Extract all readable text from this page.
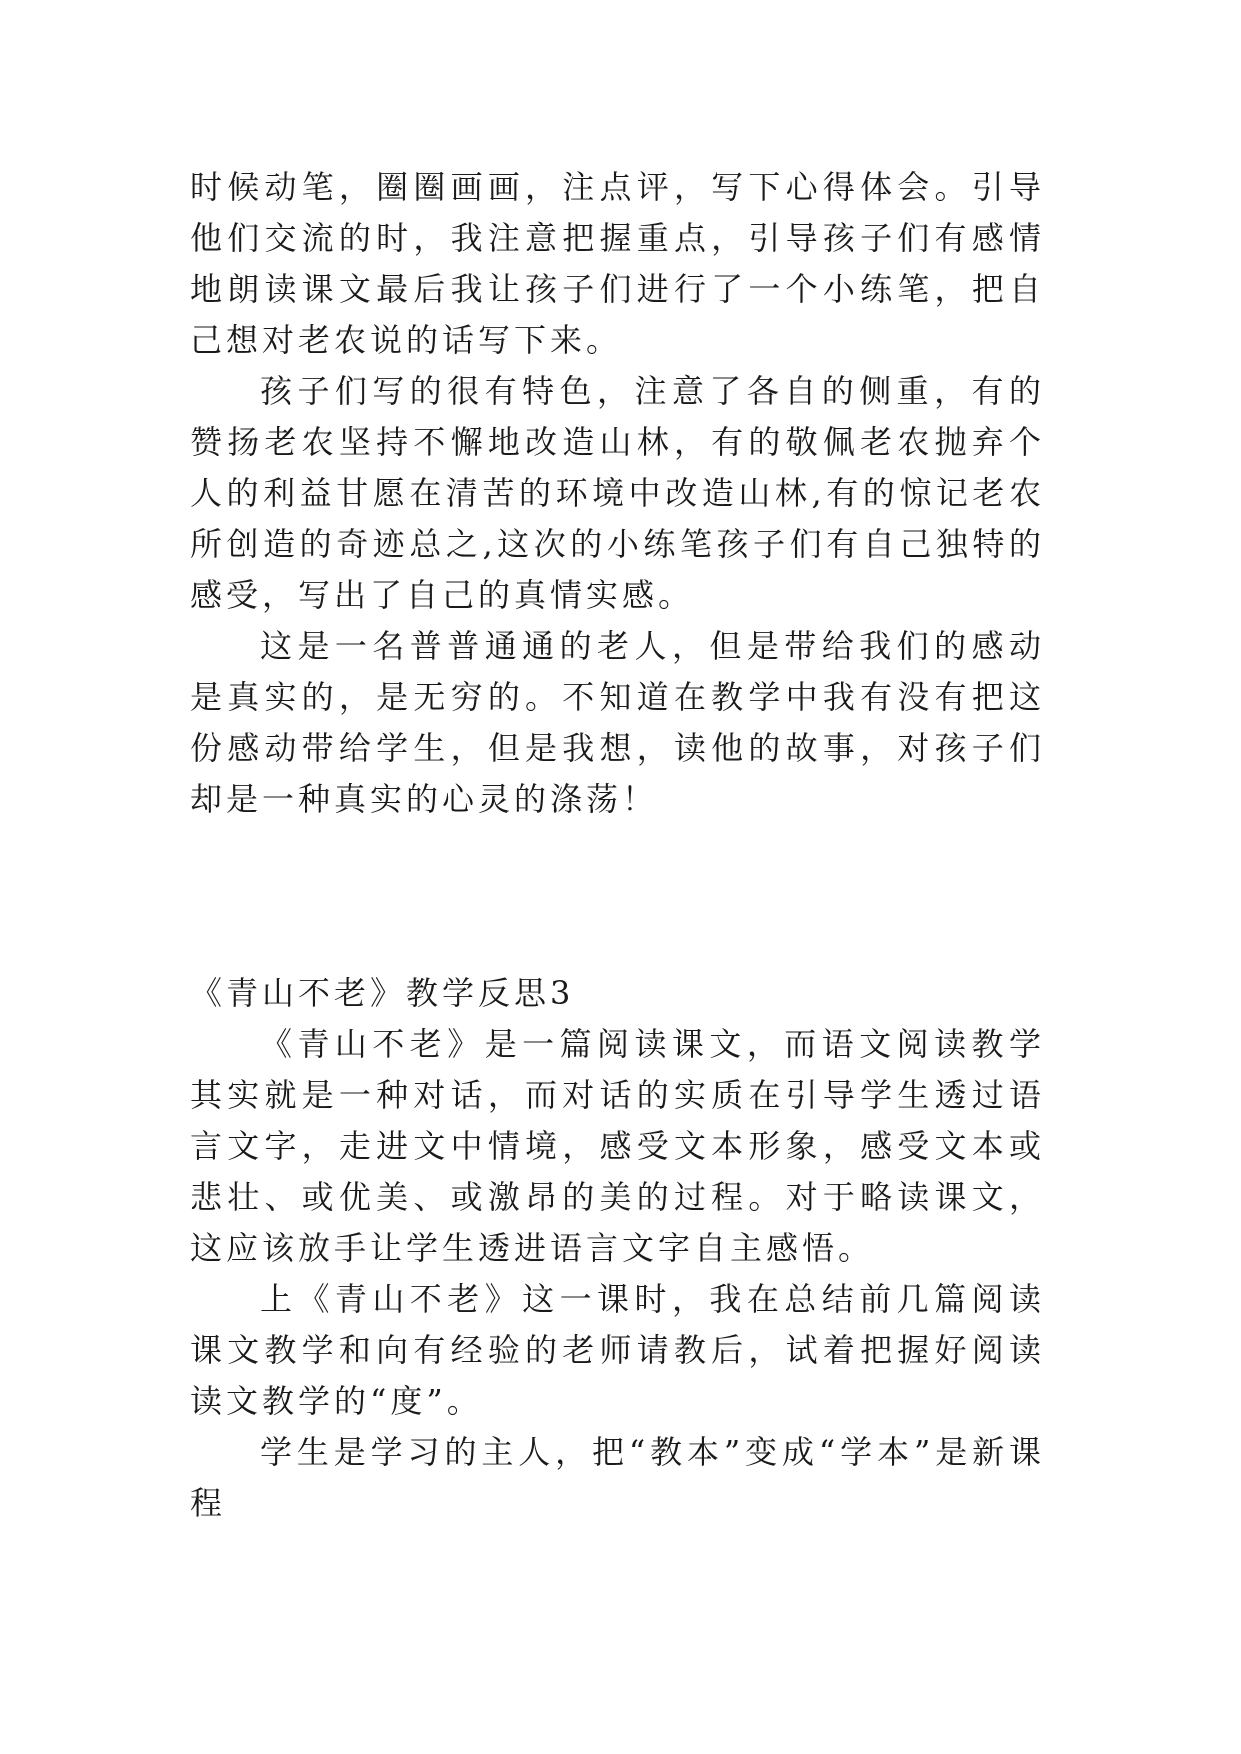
时候动笔，圈圈画画，注点评，写下心得体会。引导他们交流的时，我注意把握重点，引导孩子们有感情地朗读课文最后我让孩子们进行了一个小练笔，把自己想对老农说的话写下来。

孩子们写的很有特色，注意了各自的侧重，有的赞扬老农坚持不懈地改造山林，有的敬佩老农抛弃个人的利益甘愿在清苦的环境中改造山林,有的惊记老农所创造的奇迹总之,这次的小练笔孩子们有自己独特的感受，写出了自己的真情实感。

这是一名普普通通的老人，但是带给我们的感动是真实的，是无穷的。不知道在教学中我有没有把这份感动带给学生，但是我想，读他的故事，对孩子们却是一种真实的心灵的涤荡！

《青山不老》教学反思3

《青山不老》是一篇阅读课文，而语文阅读教学其实就是一种对话，而对话的实质在引导学生透过语言文字，走进文中情境，感受文本形象，感受文本或悲壮、或优美、或激昂的美的过程。对于略读课文，这应该放手让学生透进语言文字自主感悟。

上《青山不老》这一课时，我在总结前几篇阅读课文教学和向有经验的老师请教后，试着把握好阅读读文教学的“度”。

学生是学习的主人，把“教本”变成“学本”是新课程
